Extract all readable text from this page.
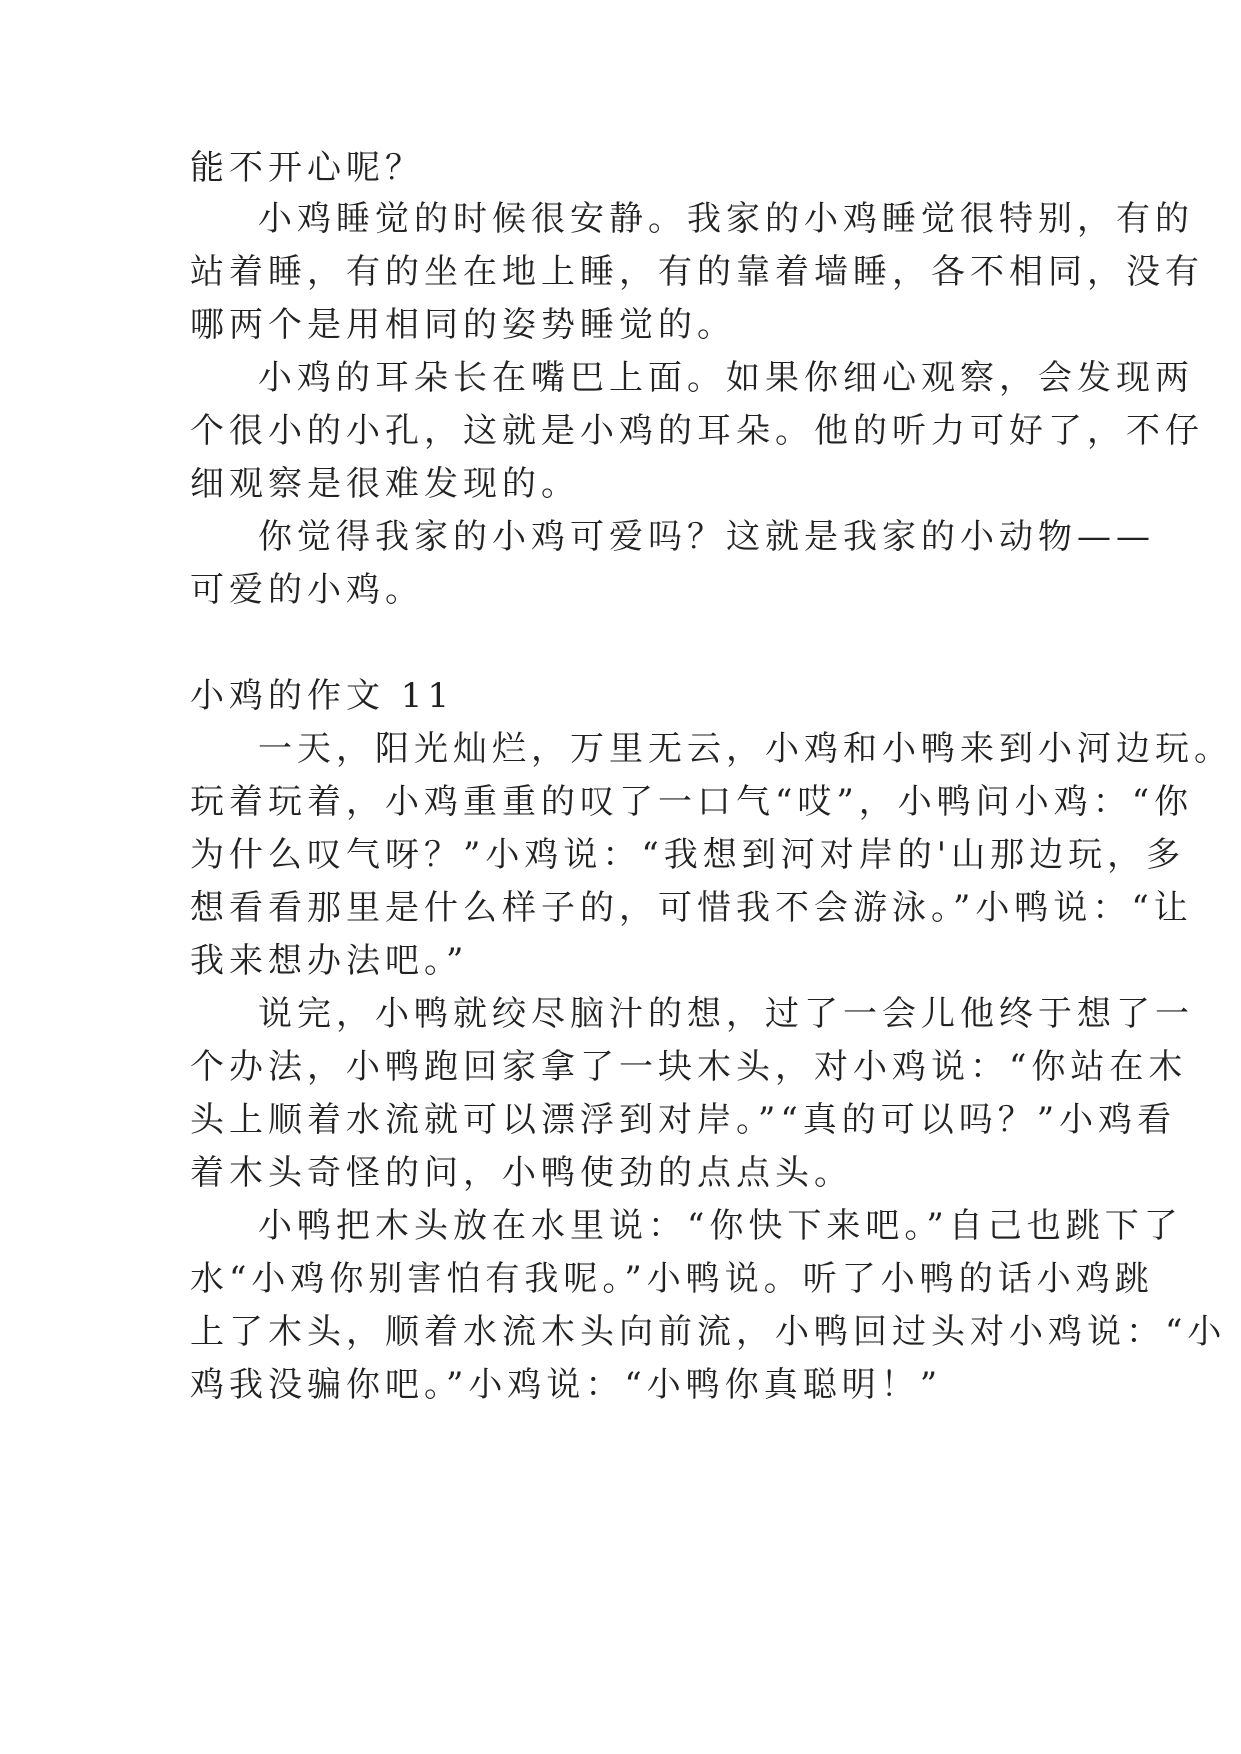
能不开心呢？
小鸡睡觉的时候很安静。我家的小鸡睡觉很特别，有的
站着睡，有的坐在地上睡，有的靠着墙睡，各不相同，没有
哪两个是用相同的姿势睡觉的。
小鸡的耳朵长在嘴巴上面。如果你细心观察，会发现两
个很小的小孔，这就是小鸡的耳朵。他的听力可好了，不仔
细观察是很难发现的。
你觉得我家的小鸡可爱吗？这就是我家的小动物——
可爱的小鸡。
小鸡的作文 11
一天，阳光灿烂，万里无云，小鸡和小鸭来到小河边玩。
玩着玩着，小鸡重重的叹了一口气“哎”，小鸭问小鸡：“你
为什么叹气呀？”小鸡说：“我想到河对岸的'山那边玩，多
想看看那里是什么样子的，可惜我不会游泳。”小鸭说：“让
我来想办法吧。”
说完，小鸭就绞尽脑汁的想，过了一会儿他终于想了一
个办法，小鸭跑回家拿了一块木头，对小鸡说：“你站在木
头上顺着水流就可以漂浮到对岸。”“真的可以吗？”小鸡看
着木头奇怪的问，小鸭使劲的点点头。
小鸭把木头放在水里说：“你快下来吧。”自己也跳下了
水“小鸡你别害怕有我呢。”小鸭说。听了小鸭的话小鸡跳
上了木头，顺着水流木头向前流，小鸭回过头对小鸡说：“小
鸡我没骗你吧。”小鸡说：“小鸭你真聪明！”
